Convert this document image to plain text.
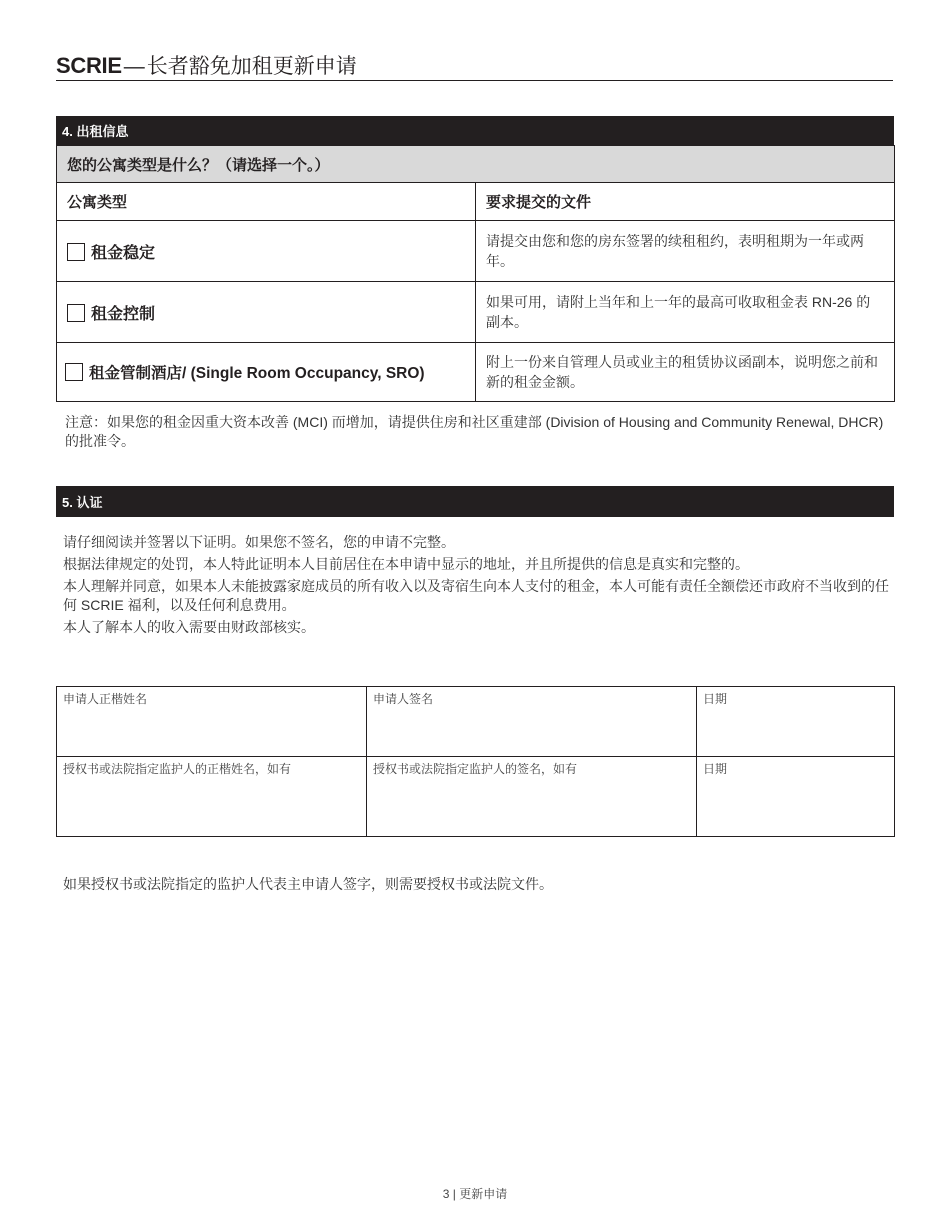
SCRIE—长者豁免加租更新申请
4. 出租信息
您的公寓类型是什么？（请选择一个。）	
公寓类型	要求提交的文件
租金稳定	请提交由您和您的房东签署的续租租约，表明租期为一年或两年。
租金控制	如果可用，请附上当年和上一年的最高可收取租金表 RN-26 的副本。
租金管制酒店/ (Single Room Occupancy, SRO)	附上一份来自管理人员或业主的租赁协议函副本，说明您之前和新的租金金额。
注意：如果您的租金因重大资本改善 (MCI) 而增加，请提供住房和社区重建部 (Division of Housing and Community Renewal, DHCR) 的批准令。
5. 认证

请仔细阅读并签署以下证明。如果您不签名，您的申请不完整。

根据法律规定的处罚，本人特此证明本人目前居住在本申请中显示的地址，并且所提供的信息是真实和完整的。

本人理解并同意，如果本人未能披露家庭成员的所有收入以及寄宿生向本人支付的租金，本人可能有责任全额偿还市政府不当收到的任何 SCRIE 福利，以及任何利息费用。

本人了解本人的收入需要由财政部核实。

申请人正楷姓名	申请人签名	日期
授权书或法院指定监护人的正楷姓名，如有	授权书或法院指定监护人的签名，如有	日期
如果授权书或法院指定的监护人代表主申请人签字，则需要授权书或法院文件。
3 | 更新申请
